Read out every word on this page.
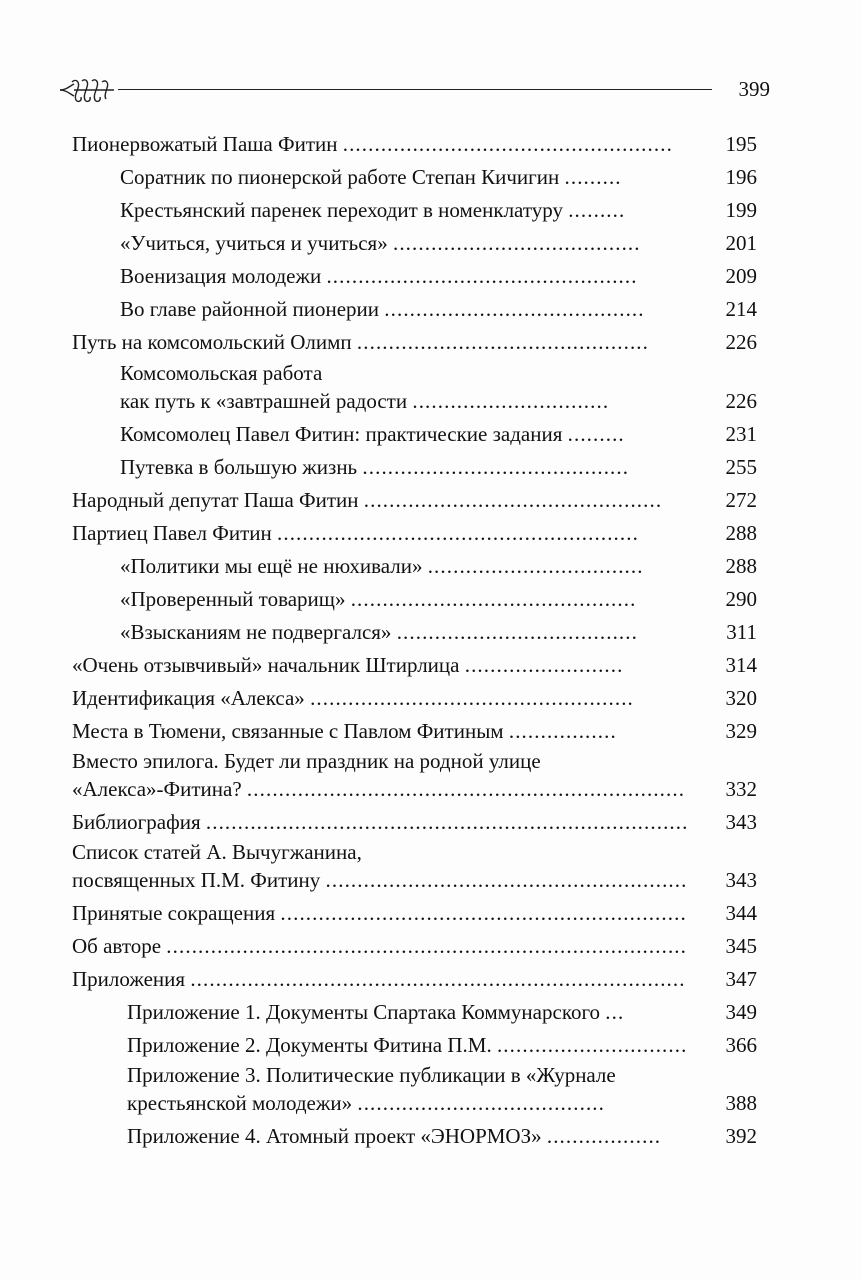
399
Пионервожатый Паша Фитин ....................................................	195
Соратник по пионерской работе Степан Кичигин .........	196
Крестьянский паренек переходит в номенклатуру .........	199
«Учиться, учиться и учиться» .......................................	201
Военизация молодежи .................................................	209
Во главе районной пионерии .........................................	214
Путь на комсомольский Олимп ..............................................	226
Комсомольская работа
как путь к «завтрашней радости ...............................	226
Комсомолец Павел Фитин: практические задания .........	231
Путевка в большую жизнь ..........................................	255
Народный депутат Паша Фитин ...............................................	272
Партиец Павел Фитин .........................................................	288
«Политики мы ещё не нюхивали» ..................................	288
«Проверенный товарищ» .............................................	290
«Взысканиям не подвергался» ......................................	311
«Очень отзывчивый» начальник Штирлица .........................	314
Идентификация «Алекса» ...................................................	320
Места в Тюмени, связанные с Павлом Фитиным .................	329
Вместо эпилога. Будет ли праздник на родной улице
«Алекса»-Фитина? ..................................................................... 332
Библиография ............................................................................ 343
Список статей А. Вычугжанина,
посвященных П.М. Фитину ......................................................... 343
Принятые сокращения ................................................................ 344
Об авторе .................................................................................. 345
Приложения .............................................................................. 347
Приложение 1. Документы Спартака Коммунарского ...	349
Приложение 2. Документы Фитина П.М. .............................. 366
Приложение 3. Политические публикации в «Журнале
крестьянской молодежи» .......................................	388
Приложение 4. Атомный проект «ЭНОРМОЗ» ..................	392
